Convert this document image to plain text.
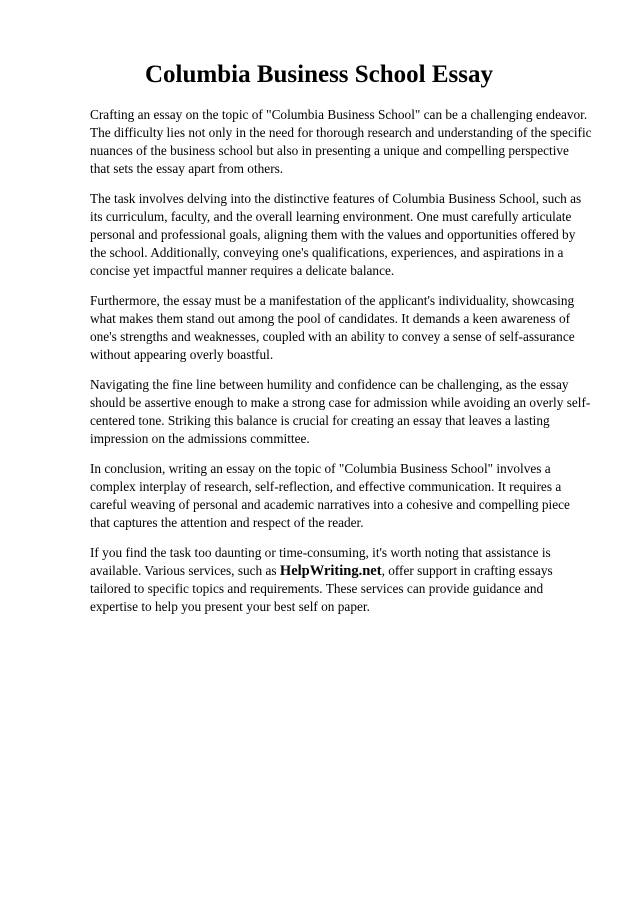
Columbia Business School Essay

Crafting an essay on the topic of "Columbia Business School" can be a challenging endeavor. The difficulty lies not only in the need for thorough research and understanding of the specific nuances of the business school but also in presenting a unique and compelling perspective that sets the essay apart from others.

The task involves delving into the distinctive features of Columbia Business School, such as its curriculum, faculty, and the overall learning environment. One must carefully articulate personal and professional goals, aligning them with the values and opportunities offered by the school. Additionally, conveying one's qualifications, experiences, and aspirations in a concise yet impactful manner requires a delicate balance.

Furthermore, the essay must be a manifestation of the applicant's individuality, showcasing what makes them stand out among the pool of candidates. It demands a keen awareness of one's strengths and weaknesses, coupled with an ability to convey a sense of self-assurance without appearing overly boastful.

Navigating the fine line between humility and confidence can be challenging, as the essay should be assertive enough to make a strong case for admission while avoiding an overly self-centered tone. Striking this balance is crucial for creating an essay that leaves a lasting impression on the admissions committee.

In conclusion, writing an essay on the topic of "Columbia Business School" involves a complex interplay of research, self-reflection, and effective communication. It requires a careful weaving of personal and academic narratives into a cohesive and compelling piece that captures the attention and respect of the reader.

If you find the task too daunting or time-consuming, it's worth noting that assistance is available. Various services, such as HelpWriting.net, offer support in crafting essays tailored to specific topics and requirements. These services can provide guidance and expertise to help you present your best self on paper.
